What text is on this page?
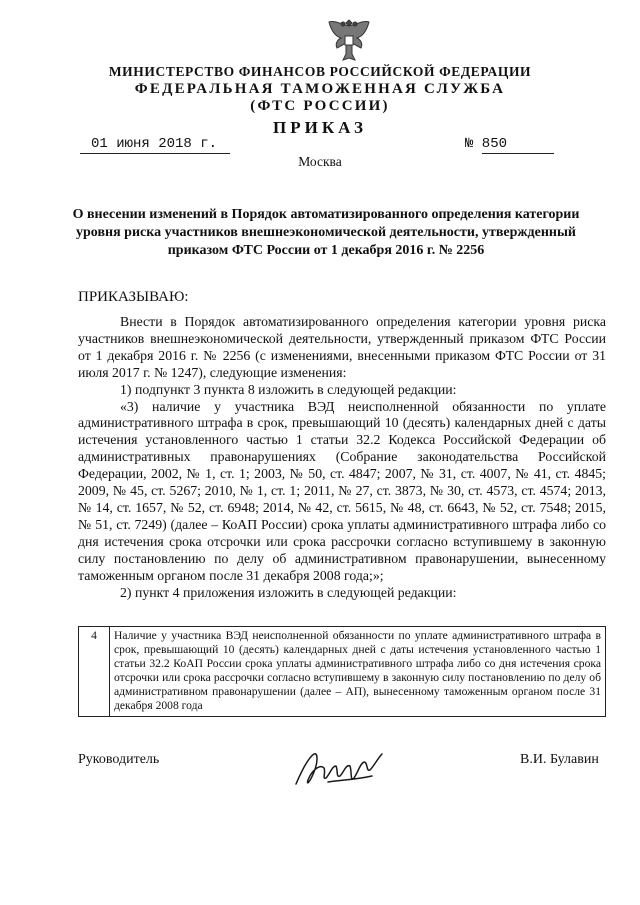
МИНИСТЕРСТВО ФИНАНСОВ РОССИЙСКОЙ ФЕДЕРАЦИИ
ФЕДЕРАЛЬНАЯ ТАМОЖЕННАЯ СЛУЖБА
(ФТС РОССИИ)
ПРИКАЗ
01 июня 2018 г.	№ 850
Москва
О внесении изменений в Порядок автоматизированного определения категории уровня риска участников внешнеэкономической деятельности, утвержденный приказом ФТС России от 1 декабря 2016 г. № 2256
ПРИКАЗЫВАЮ:

Внести в Порядок автоматизированного определения категории уровня риска участников внешнеэкономической деятельности, утвержденный приказом ФТС России от 1 декабря 2016 г. № 2256 (с изменениями, внесенными приказом ФТС России от 31 июля 2017 г. № 1247), следующие изменения:

1) подпункт 3 пункта 8 изложить в следующей редакции:

«3) наличие у участника ВЭД неисполненной обязанности по уплате административного штрафа в срок, превышающий 10 (десять) календарных дней с даты истечения установленного частью 1 статьи 32.2 Кодекса Российской Федерации об административных правонарушениях (Собрание законодательства Российской Федерации, 2002, № 1, ст. 1; 2003, № 50, ст. 4847; 2007, № 31, ст. 4007, № 41, ст. 4845; 2009, № 45, ст. 5267; 2010, № 1, ст. 1; 2011, № 27, ст. 3873, № 30, ст. 4573, ст. 4574; 2013, № 14, ст. 1657, № 52, ст. 6948; 2014, № 42, ст. 5615, № 48, ст. 6643, № 52, ст. 7548; 2015, № 51, ст. 7249) (далее – КоАП России) срока уплаты административного штрафа либо со дня истечения срока отсрочки или срока рассрочки согласно вступившему в законную силу постановлению по делу об административном правонарушении, вынесенному таможенным органом после 31 декабря 2008 года;»;

2) пункт 4 приложения изложить в следующей редакции:

4	Наличие у участника ВЭД неисполненной обязанности по уплате административного штрафа в срок, превышающий 10 (десять) календарных дней с даты истечения установленного частью 1 статьи 32.2 КоАП России срока уплаты административного штрафа либо со дня истечения срока отсрочки или срока рассрочки согласно вступившему в законную силу постановлению по делу об административном правонарушении (далее – АП), вынесенному таможенным органом после 31 декабря 2008 года
Руководитель	В.И. Булавин
